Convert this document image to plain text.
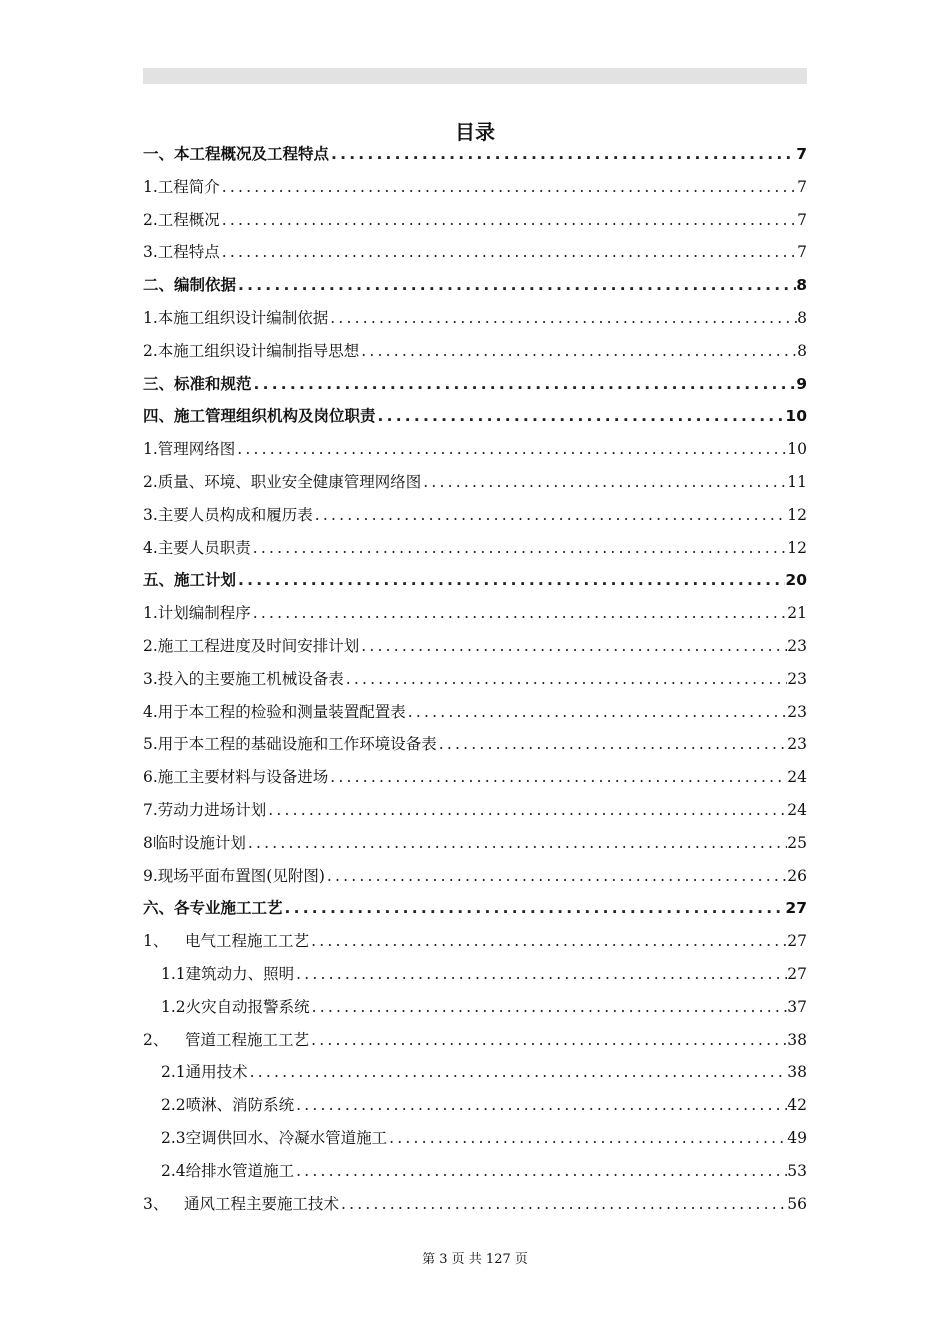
目录
一、本工程概况及工程特点 .....	7
1.工程简介 .....	7
2.工程概况 .....	7
3.工程特点 .....	7
二、编制依据 .....	8
1.本施工组织设计编制依据 .....	8
2.本施工组织设计编制指导思想 .....	8
三、标准和规范 .....	9
四、施工管理组织机构及岗位职责 .....	10
1.管理网络图 .....	10
2.质量、环境、职业安全健康管理网络图 .....	11
3.主要人员构成和履历表 .....	12
4.主要人员职责 .....	12
五、施工计划 .....	20
1.计划编制程序 .....	21
2.施工工程进度及时间安排计划 .....	23
3.投入的主要施工机械设备表 .....	23
4.用于本工程的检验和测量装置配置表 .....	23
5.用于本工程的基础设施和工作环境设备表 .....	23
6.施工主要材料与设备进场 .....	24
7.劳动力进场计划 .....	24
8临时设施计划 .....	25
9.现场平面布置图(见附图) .....	26
六、各专业施工工艺 .....	27
1、 电气工程施工工艺 .....	27
1.1建筑动力、照明 .....	27
1.2火灾自动报警系统 .....	37
2、 管道工程施工工艺 .....	38
2.1通用技术 .....	38
2.2喷淋、消防系统 .....	42
2.3空调供回水、冷凝水管道施工 .....	49
2.4给排水管道施工 .....	53
3、 通风工程主要施工技术 .....	56
第 3 页 共 127 页
